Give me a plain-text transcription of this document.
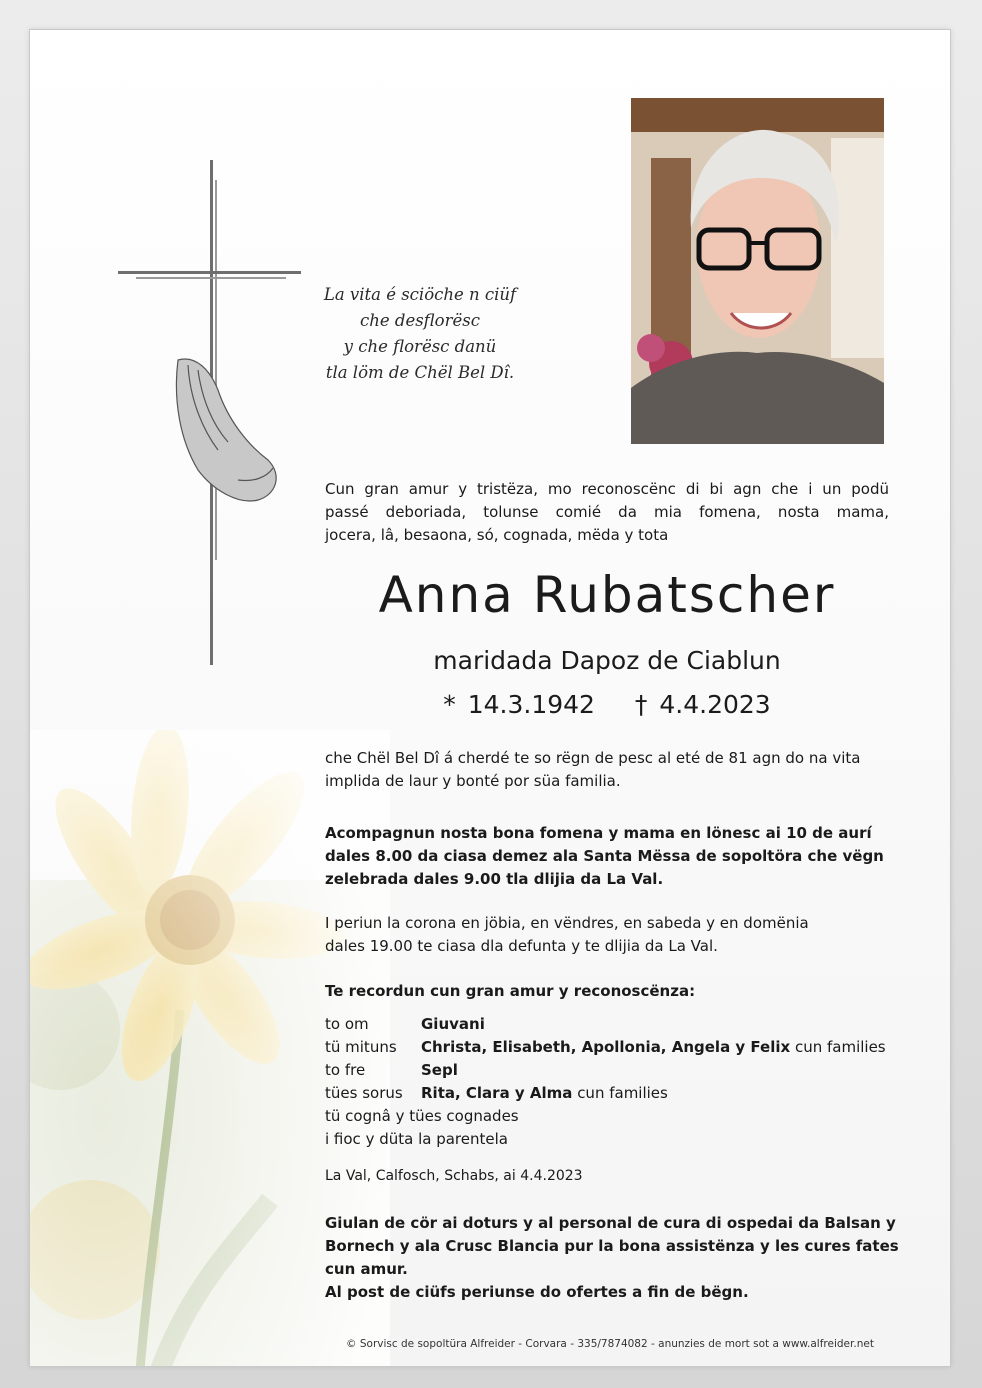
La vita é sciöche n ciüf
che desflorësc
y che florësc danü
tla löm de Chël Bel Dî.
Cun gran amur y tristëza, mo reconoscënc di bi agn che i un podü
passé deboriada, tolunse comié da mia fomena, nosta mama,
jocera, lâ, besaona, só, cognada, mëda y tota
Anna Rubatscher
maridada Dapoz de Ciablun
* 14.3.1942 † 4.4.2023
che Chël Bel Dî á cherdé te so rëgn de pesc al eté de 81 agn do na vita
implida de laur y bonté por süa familia.
Acompagnun nosta bona fomena y mama en lönesc ai 10 de aurí
dales 8.00 da ciasa demez ala Santa Mëssa de sopoltöra che vëgn
zelebrada dales 9.00 tla dlijia da La Val.
I periun la corona en jöbia, en vëndres, en sabeda y en domënia
dales 19.00 te ciasa dla defunta y te dlijia da La Val.
Te recordun cun gran amur y reconoscënza:
to om	Giuvani
tü mituns Christa, Elisabeth, Apollonia, Angela y Felix cun families
to fre	Sepl
tües sorus Rita, Clara y Alma cun families
tü cognâ y tües cognades
i fioc y düta la parentela
La Val, Calfosch, Schabs, ai 4.4.2023
Giulan de cör ai doturs y al personal de cura di ospedai da Balsan y
Bornech y ala Crusc Blancia pur la bona assistënza y les cures fates
cun amur.
Al post de ciüfs periunse do ofertes a fin de bëgn.
© Sorvisc de sopoltüra Alfreider - Corvara - 335/7874082 - anunzies de mort sot a www.alfreider.net
